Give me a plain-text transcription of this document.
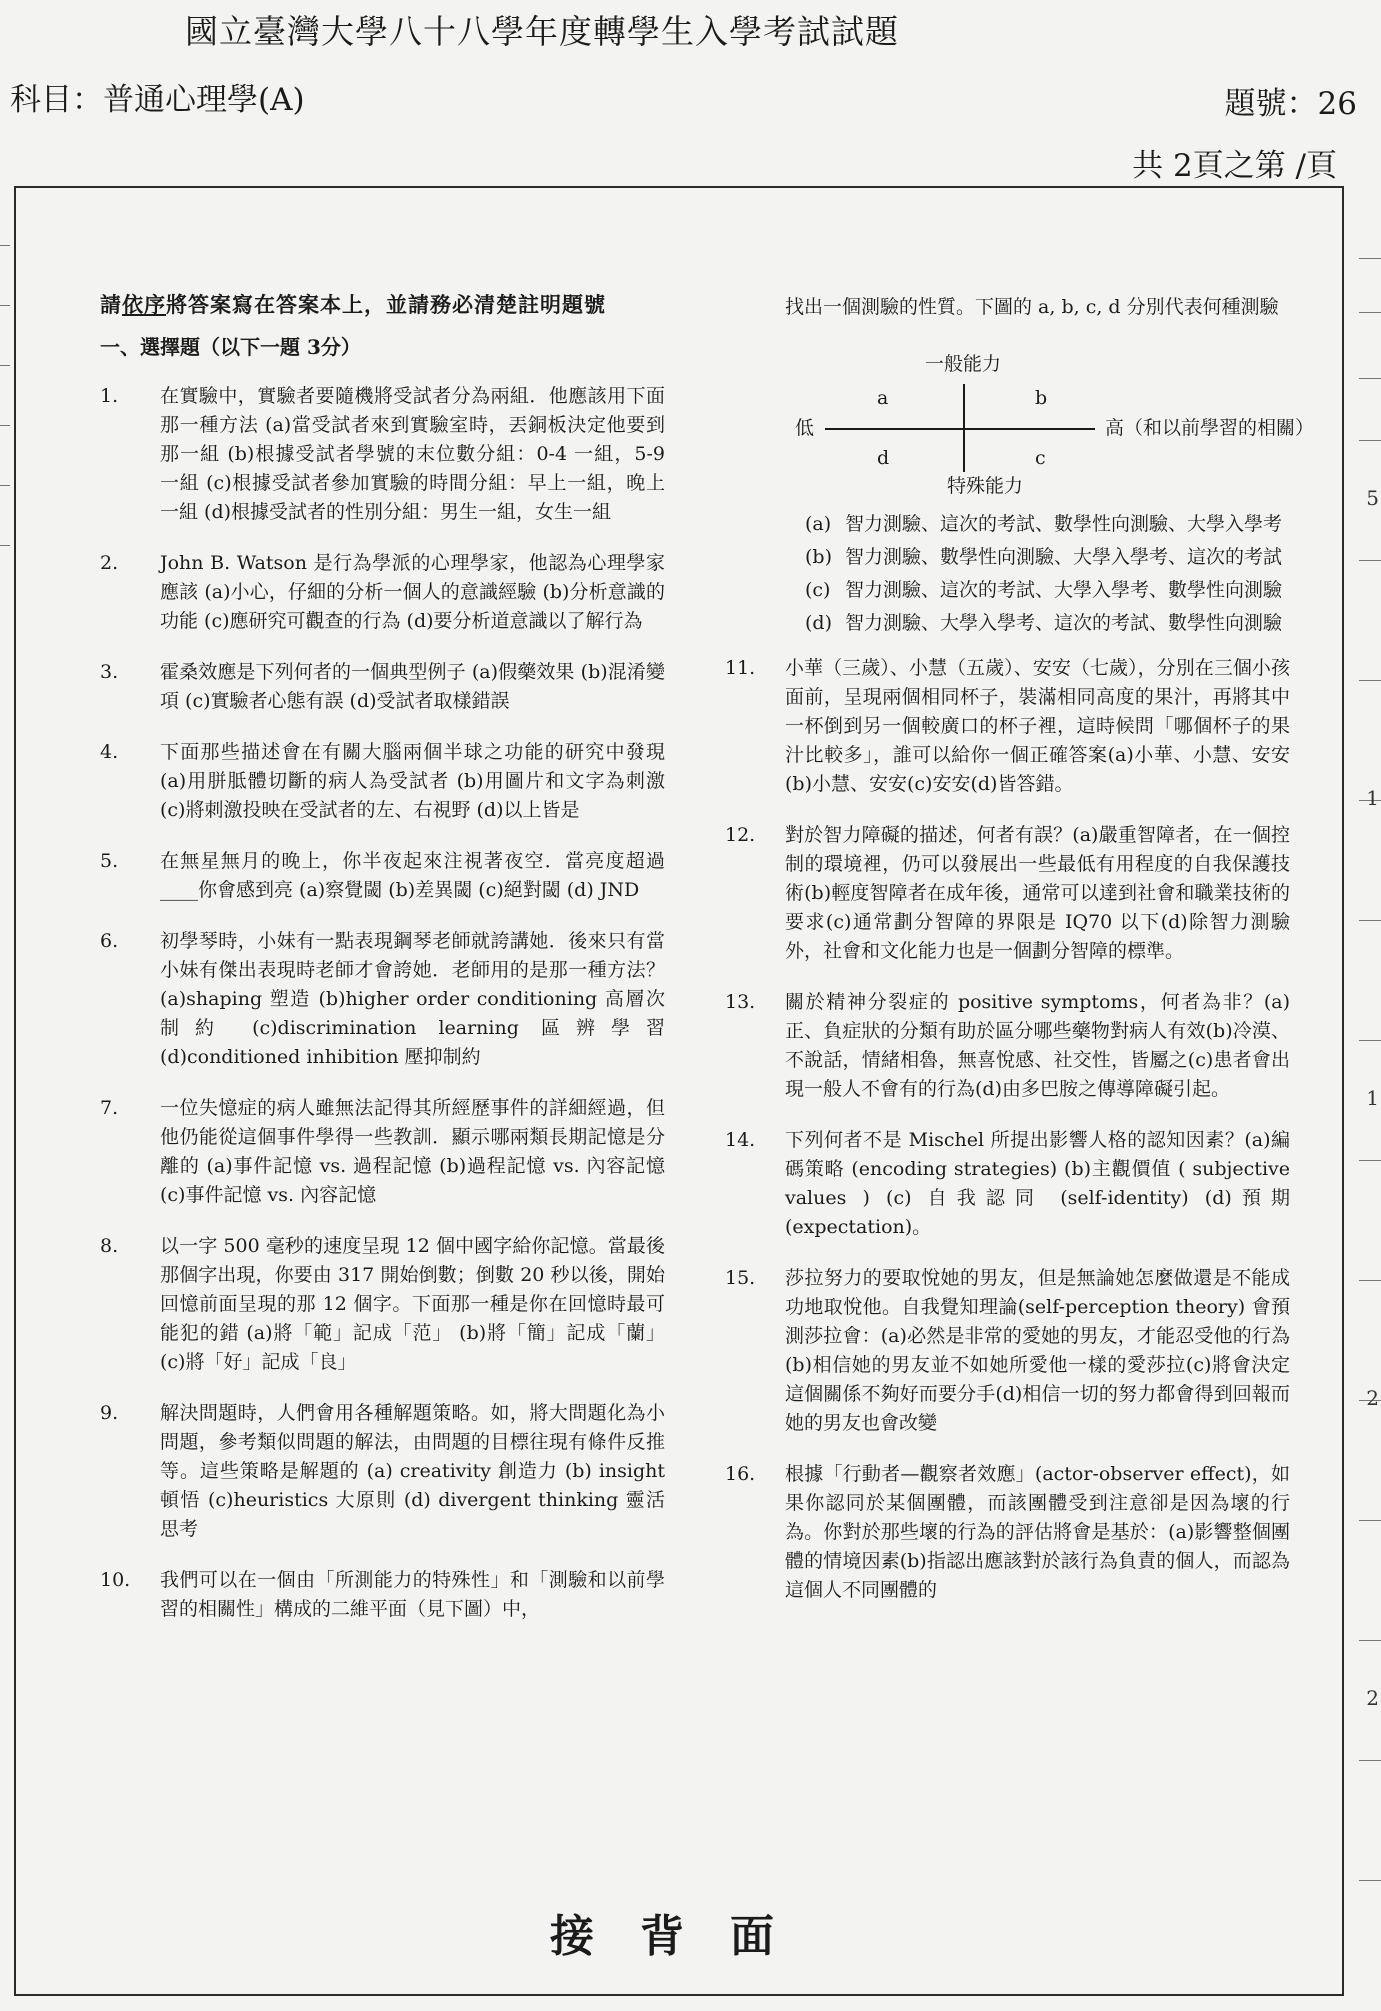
國立臺灣大學八十八學年度轉學生入學考試試題
科目：普通心理學(A)	題號：26
共 2頁之第 /頁
5
1
1
2
2
請依序將答案寫在答案本上，並請務必清楚註明題號
一、選擇題（以下一題 3分）
1. 在實驗中，實驗者要隨機將受試者分為兩組．他應該用下面那一種方法 (a)當受試者來到實驗室時，丟銅板決定他要到那一組 (b)根據受試者學號的末位數分組：0-4 一組，5-9 一組 (c)根據受試者參加實驗的時間分組：早上一組，晚上一組 (d)根據受試者的性別分組：男生一組，女生一組
2. John B. Watson 是行為學派的心理學家，他認為心理學家應該 (a)小心，仔細的分析一個人的意識經驗 (b)分析意識的功能 (c)應研究可觀查的行為 (d)要分析道意識以了解行為
3. 霍桑效應是下列何者的一個典型例子 (a)假藥效果 (b)混淆變項 (c)實驗者心態有誤 (d)受試者取樣錯誤
4. 下面那些描述會在有關大腦兩個半球之功能的研究中發現 (a)用胼胝體切斷的病人為受試者 (b)用圖片和文字為刺激 (c)將刺激投映在受試者的左、右視野 (d)以上皆是
5. 在無星無月的晚上，你半夜起來注視著夜空．當亮度超過____你會感到亮 (a)察覺閾 (b)差異閾 (c)絕對閾 (d) JND
6. 初學琴時，小妹有一點表現鋼琴老師就誇講她．後來只有當小妹有傑出表現時老師才會誇她．老師用的是那一種方法？(a)shaping 塑造 (b)higher order conditioning 高層次制約 (c)discrimination learning 區辨學習 (d)conditioned inhibition 壓抑制約
7. 一位失憶症的病人雖無法記得其所經歷事件的詳細經過，但他仍能從這個事件學得一些教訓．顯示哪兩類長期記憶是分離的 (a)事件記憶 vs. 過程記憶 (b)過程記憶 vs. 內容記憶 (c)事件記憶 vs. 內容記憶
8. 以一字 500 毫秒的速度呈現 12 個中國字給你記憶。當最後那個字出現，你要由 317 開始倒數；倒數 20 秒以後，開始回憶前面呈現的那 12 個字。下面那一種是你在回憶時最可能犯的錯 (a)將「範」記成「范」 (b)將「簡」記成「蘭」 (c)將「好」記成「良」
9. 解決問題時，人們會用各種解題策略。如，將大問題化為小問題，參考類似問題的解法，由問題的目標往現有條件反推等。這些策略是解題的 (a) creativity 創造力 (b) insight 頓悟 (c)heuristics 大原則 (d) divergent thinking 靈活思考
10. 我們可以在一個由「所測能力的特殊性」和「測驗和以前學習的相關性」構成的二維平面（見下圖）中，
找出一個測驗的性質。下圖的 a, b, c, d 分別代表何種測驗
一般能力
特殊能力
低	高（和以前學習的相關）
a	b
c
d
(a) 智力測驗、這次的考試、數學性向測驗、大學入學考
(b) 智力測驗、數學性向測驗、大學入學考、這次的考試
(c) 智力測驗、這次的考試、大學入學考、數學性向測驗
(d) 智力測驗、大學入學考、這次的考試、數學性向測驗
11. 小華（三歲）、小慧（五歲）、安安（七歲），分別在三個小孩面前，呈現兩個相同杯子，裝滿相同高度的果汁，再將其中一杯倒到另一個較廣口的杯子裡，這時候問「哪個杯子的果汁比較多」，誰可以給你一個正確答案(a)小華、小慧、安安(b)小慧、安安(c)安安(d)皆答錯。
12. 對於智力障礙的描述，何者有誤？(a)嚴重智障者，在一個控制的環境裡，仍可以發展出一些最低有用程度的自我保護技術(b)輕度智障者在成年後，通常可以達到社會和職業技術的要求(c)通常劃分智障的界限是 IQ70 以下(d)除智力測驗外，社會和文化能力也是一個劃分智障的標準。
13. 關於精神分裂症的 positive symptoms，何者為非？(a)正、負症狀的分類有助於區分哪些藥物對病人有效(b)冷漠、不說話，情緒相魯，無喜悅感、社交性，皆屬之(c)患者會出現一般人不會有的行為(d)由多巴胺之傳導障礙引起。
14. 下列何者不是 Mischel 所提出影響人格的認知因素？(a)編碼策略 (encoding strategies) (b)主觀價值 ( subjective values ) (c) 自我認同 (self-identity) (d)預期 (expectation)。
15. 莎拉努力的要取悅她的男友，但是無論她怎麼做還是不能成功地取悅他。自我覺知理論(self-perception theory) 會預測莎拉會：(a)必然是非常的愛她的男友，才能忍受他的行為(b)相信她的男友並不如她所愛他一樣的愛莎拉(c)將會決定這個關係不夠好而要分手(d)相信一切的努力都會得到回報而她的男友也會改變
16. 根據「行動者—觀察者效應」(actor-observer effect)，如果你認同於某個團體，而該團體受到注意卻是因為壞的行為。你對於那些壞的行為的評估將會是基於：(a)影響整個團體的情境因素(b)指認出應該對於該行為負責的個人，而認為這個人不同團體的
接背面
